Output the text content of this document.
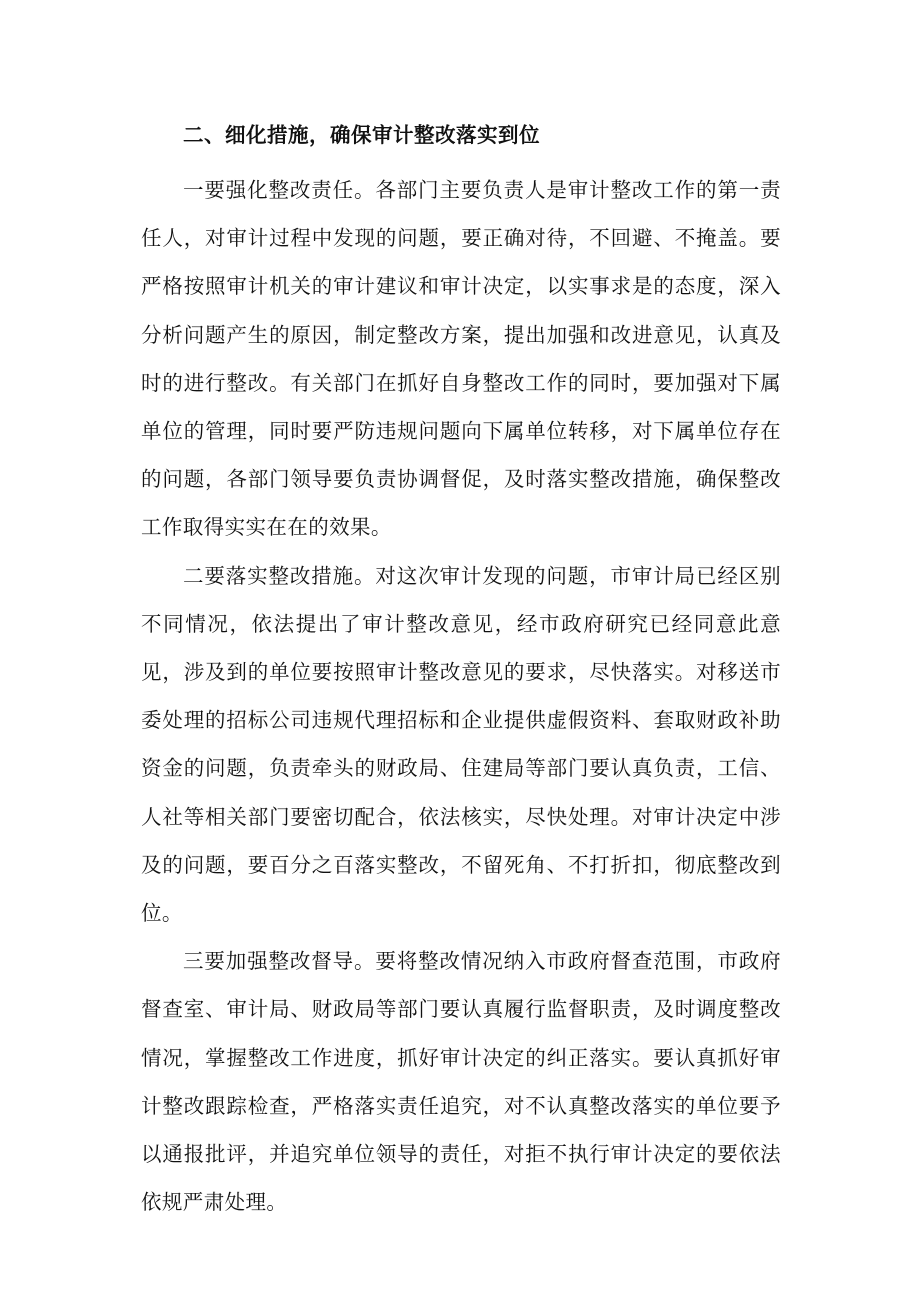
二、细化措施，确保审计整改落实到位

一要强化整改责任。各部门主要负责人是审计整改工作的第一责任人，对审计过程中发现的问题，要正确对待，不回避、不掩盖。要严格按照审计机关的审计建议和审计决定，以实事求是的态度，深入分析问题产生的原因，制定整改方案，提出加强和改进意见，认真及时的进行整改。有关部门在抓好自身整改工作的同时，要加强对下属单位的管理，同时要严防违规问题向下属单位转移，对下属单位存在的问题，各部门领导要负责协调督促，及时落实整改措施，确保整改工作取得实实在在的效果。

二要落实整改措施。对这次审计发现的问题，市审计局已经区别不同情况，依法提出了审计整改意见，经市政府研究已经同意此意见，涉及到的单位要按照审计整改意见的要求，尽快落实。对移送市委处理的招标公司违规代理招标和企业提供虚假资料、套取财政补助资金的问题，负责牵头的财政局、住建局等部门要认真负责，工信、人社等相关部门要密切配合，依法核实，尽快处理。对审计决定中涉及的问题，要百分之百落实整改，不留死角、不打折扣，彻底整改到位。

三要加强整改督导。要将整改情况纳入市政府督查范围，市政府督查室、审计局、财政局等部门要认真履行监督职责，及时调度整改情况，掌握整改工作进度，抓好审计决定的纠正落实。要认真抓好审计整改跟踪检查，严格落实责任追究，对不认真整改落实的单位要予以通报批评，并追究单位领导的责任，对拒不执行审计决定的要依法依规严肃处理。
